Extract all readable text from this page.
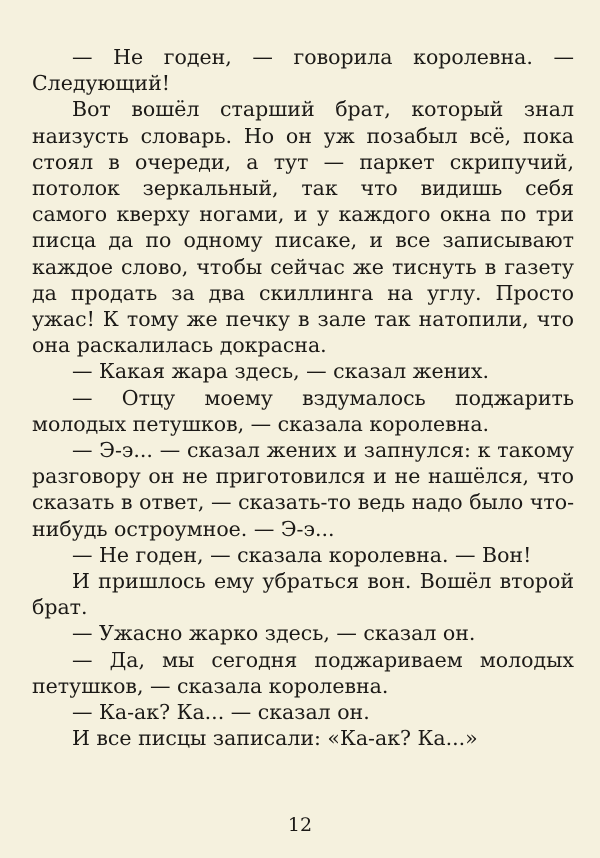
— Не годен, — говорила королевна. — Следующий!

Вот вошёл старший брат, который знал наизусть словарь. Но он уж позабыл всё, пока стоял в очереди, а тут — паркет скрипучий, потолок зеркальный, так что видишь себя самого кверху ногами, и у каждого окна по три писца да по одному писаке, и все записывают каждое слово, чтобы сейчас же тиснуть в газету да продать за два скиллинга на углу. Просто ужас! К тому же печку в зале так натопили, что она раскалилась докрасна.

— Какая жара здесь, — сказал жених.

— Отцу моему вздумалось поджарить молодых петушков, — сказала королевна.

— Э-э... — сказал жених и запнулся: к такому разговору он не приготовился и не нашёлся, что сказать в ответ, — сказать-то ведь надо было что-нибудь остроумное. — Э-э...

— Не годен, — сказала королевна. — Вон!

И пришлось ему убраться вон. Вошёл второй брат.

— Ужасно жарко здесь, — сказал он.

— Да, мы сегодня поджариваем молодых петушков, — сказала королевна.

— Ка-ак? Ка... — сказал он.

И все писцы записали: «Ка-ак? Ка...»

12
